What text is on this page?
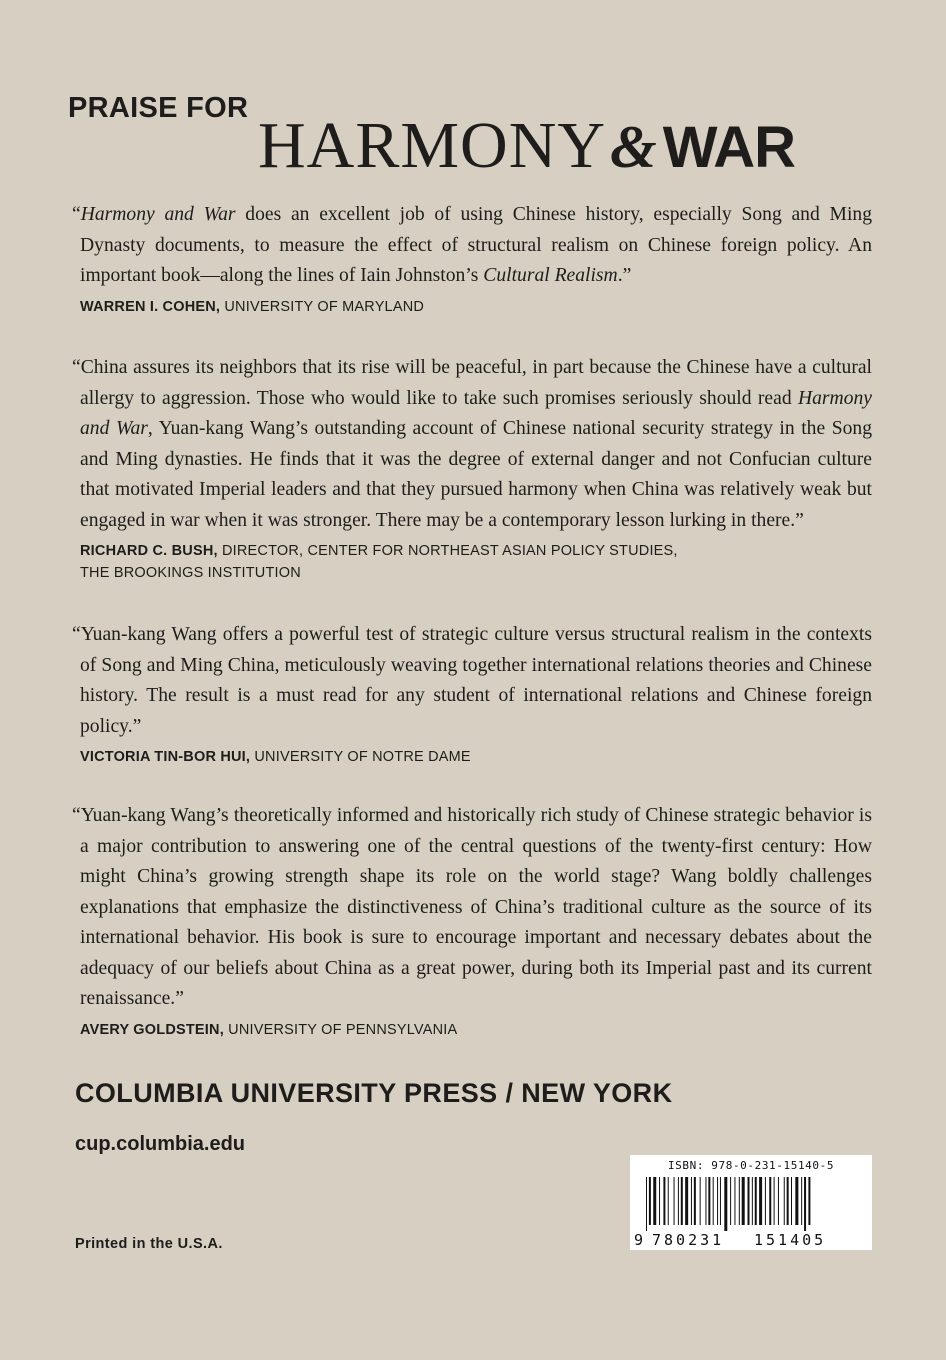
PRAISE FOR
HARMONY& WAR

“Harmony and War does an excellent job of using Chinese history, especially Song and Ming Dynasty documents, to measure the effect of structural realism on Chinese foreign policy. An important book—along the lines of Iain Johnston’s Cultural Realism.”

WARREN I. COHEN, UNIVERSITY OF MARYLAND

“China assures its neighbors that its rise will be peaceful, in part because the Chinese have a cultural allergy to aggression. Those who would like to take such promises seriously should read Harmony and War, Yuan-kang Wang’s outstanding account of Chinese national security strategy in the Song and Ming dynasties. He finds that it was the degree of external danger and not Confucian culture that motivated Imperial leaders and that they pursued harmony when China was relatively weak but engaged in war when it was stronger. There may be a contemporary lesson lurking in there.”

RICHARD C. BUSH, DIRECTOR, CENTER FOR NORTHEAST ASIAN POLICY STUDIES,
THE BROOKINGS INSTITUTION

“Yuan-kang Wang offers a powerful test of strategic culture versus structural realism in the contexts of Song and Ming China, meticulously weaving together international relations theories and Chinese history. The result is a must read for any student of international relations and Chinese foreign policy.”

VICTORIA TIN-BOR HUI, UNIVERSITY OF NOTRE DAME

“Yuan-kang Wang’s theoretically informed and historically rich study of Chinese strategic behavior is a major contribution to answering one of the central questions of the twenty-first century: How might China’s growing strength shape its role on the world stage? Wang boldly challenges explanations that emphasize the distinctiveness of China’s traditional culture as the source of its international behavior. His book is sure to encourage important and necessary debates about the adequacy of our beliefs about China as a great power, during both its Imperial past and its current renaissance.”

AVERY GOLDSTEIN, UNIVERSITY OF PENNSYLVANIA

COLUMBIA UNIVERSITY PRESS / NEW YORK

cup.columbia.edu

Printed in the U.S.A.

ISBN: 978-0-231-15140-5
9 780231 151405
